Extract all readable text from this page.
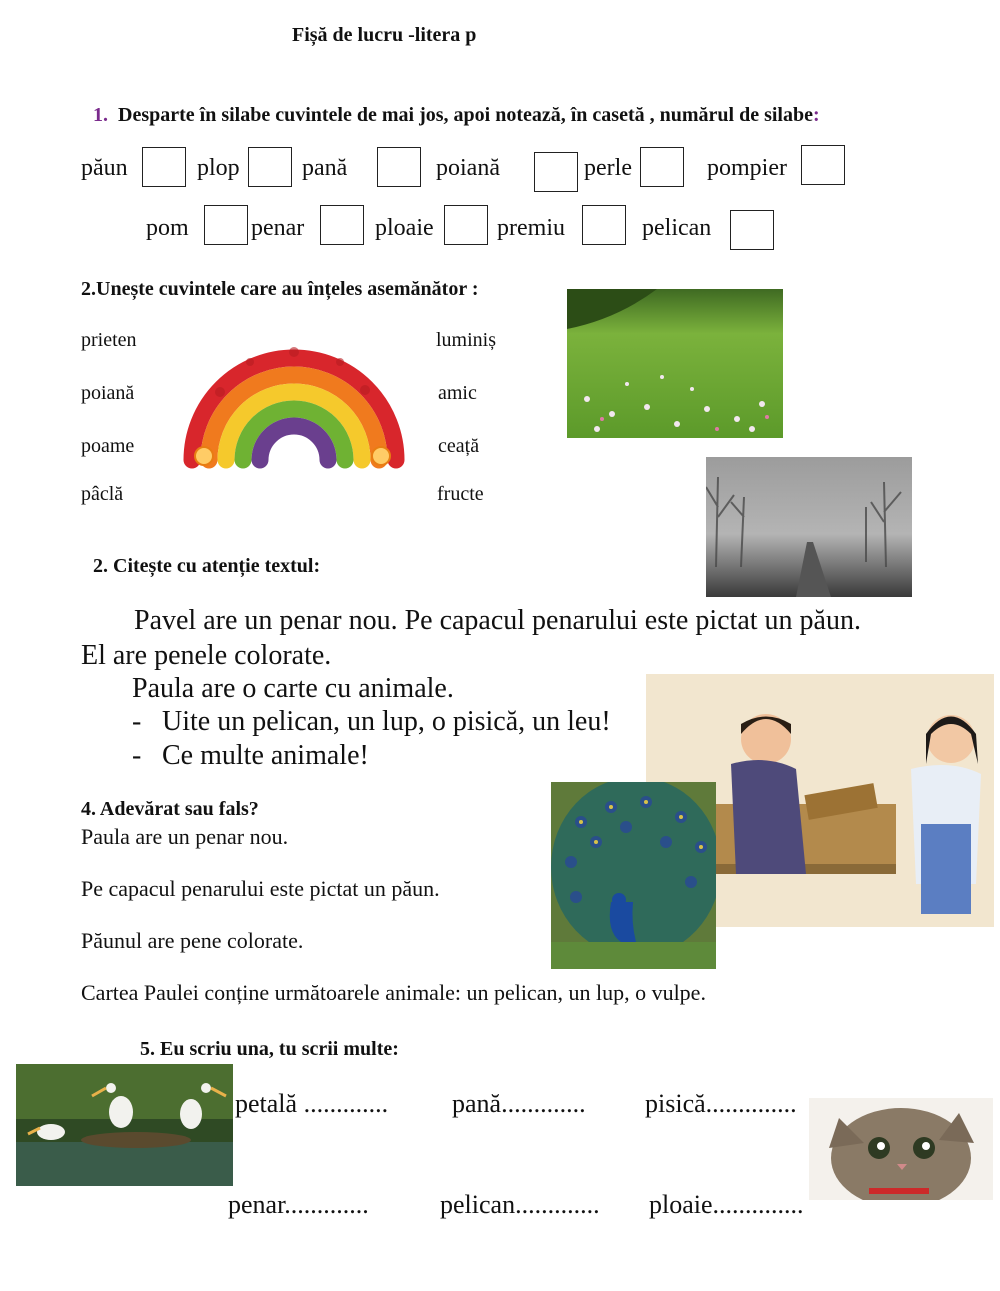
Fișă de lucru -litera p
1. Desparte în silabe cuvintele de mai jos, apoi notează, în casetă , numărul de silabe:
păun	plop	pană	poiană	perle	pompier
pom	penar	ploaie	premiu	pelican
2.Unește cuvintele care au înțeles asemănător :
prieten
poiană
poame
pâclă
luminiș
amic
ceață
fructe
2. Citește cu atenție textul:
Pavel are un penar nou. Pe capacul penarului este pictat un păun.
El are penele colorate.
Paula are o carte cu animale.
- Uite un pelican, un lup, o pisică, un leu!
- Ce multe animale!
4. Adevărat sau fals?
Paula are un penar nou.
Pe capacul penarului este pictat un păun.
Păunul are pene colorate.
Cartea Paulei conține următoarele animale: un pelican, un lup, o vulpe.
5. Eu scriu una, tu scrii multe:
petală ............. pană............. pisică..............
penar.............	pelican............. ploaie..............
